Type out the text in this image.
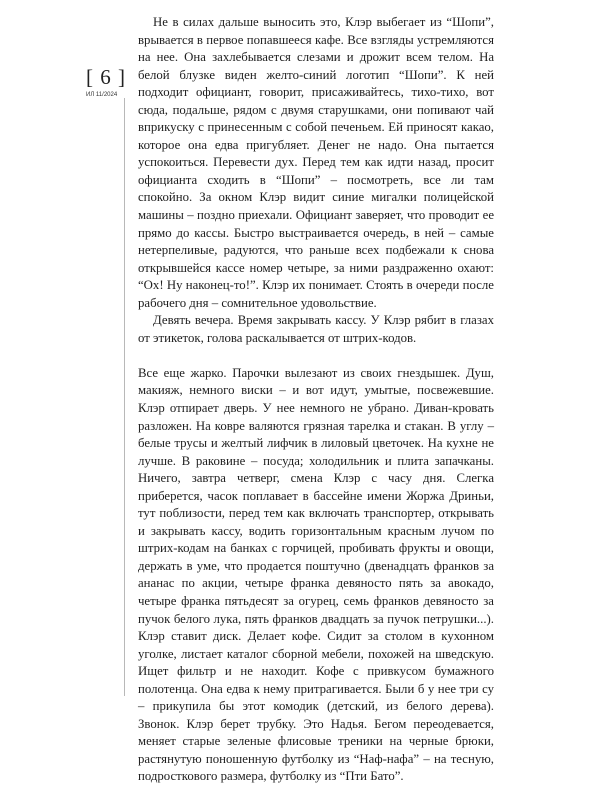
[ 6 ]
ИЛ 11/2024

Не в силах дальше выносить это, Клэр выбегает из “Шопи”, врывается в первое попавшееся кафе. Все взгляды устремляются на нее. Она захлебывается слезами и дрожит всем телом. На белой блузке виден желто-синий логотип “Шопи”. К ней подходит официант, говорит, присаживайтесь, тихо-тихо, вот сюда, подальше, рядом с двумя старушками, они попивают чай вприкуску с принесенным с собой печеньем. Ей приносят какао, которое она едва пригубляет. Денег не надо. Она пытается успокоиться. Перевести дух. Перед тем как идти назад, просит официанта сходить в “Шопи” – посмотреть, все ли там спокойно. За окном Клэр видит синие мигалки полицейской машины – поздно приехали. Официант заверяет, что проводит ее прямо до кассы. Быстро выстраивается очередь, в ней – самые нетерпеливые, радуются, что раньше всех подбежали к снова открывшейся кассе номер четыре, за ними раздраженно охают: “Ох! Ну наконец-то!”. Клэр их понимает. Стоять в очереди после рабочего дня – сомнительное удовольствие.

Девять вечера. Время закрывать кассу. У Клэр рябит в глазах от этикеток, голова раскалывается от штрих-кодов.

Все еще жарко. Парочки вылезают из своих гнездышек. Душ, макияж, немного виски – и вот идут, умытые, посвежевшие. Клэр отпирает дверь. У нее немного не убрано. Диван-кровать разложен. На ковре валяются грязная тарелка и стакан. В углу – белые трусы и желтый лифчик в лиловый цветочек. На кухне не лучше. В раковине – посуда; холодильник и плита запачканы. Ничего, завтра четверг, смена Клэр с часу дня. Слегка приберется, часок поплавает в бассейне имени Жоржа Дриньи, тут поблизости, перед тем как включать транспортер, открывать и закрывать кассу, водить горизонтальным красным лучом по штрих-кодам на банках с горчицей, пробивать фрукты и овощи, держать в уме, что продается поштучно (двенадцать франков за ананас по акции, четыре франка девяносто пять за авокадо, четыре франка пятьдесят за огурец, семь франков девяносто за пучок белого лука, пять франков двадцать за пучок петрушки...). Клэр ставит диск. Делает кофе. Сидит за столом в кухонном уголке, листает каталог сборной мебели, похожей на шведскую. Ищет фильтр и не находит. Кофе с привкусом бумажного полотенца. Она едва к нему притрагивается. Были б у нее три су – прикупила бы этот комодик (детский, из белого дерева). Звонок. Клэр берет трубку. Это Надья. Бегом переодевается, меняет старые зеленые флисовые треники на черные брюки, растянутую поношенную футболку из “Наф-нафа” – на тесную, подросткового размера, футболку из “Пти Бато”.
